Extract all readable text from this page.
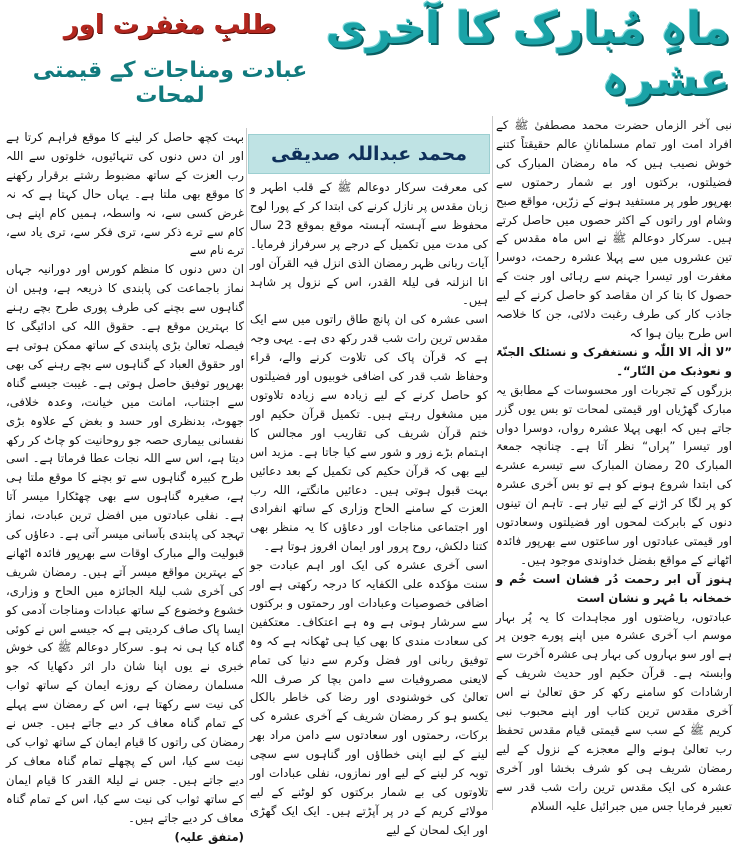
ماہِ مُبارک کا آخری عشرہ
طلبِ مغفرت اور
عبادت ومناجات کے قیمتی لمحات
محمد عبداللہ صدیقی

نبی آخر الزماں حضرت محمد مصطفیٰ ﷺ کے افراد امت اور تمام مسلمانانِ عالم حقیقتاً کتنے خوش نصیب ہیں کہ ماہ رمضان المبارک کی فضیلتوں، برکتوں اور بے شمار رحمتوں سے بھرپور طور پر مستفید ہونے کے زرّیں، مواقع صبح وشام اور راتوں کے اکثر حصوں میں حاصل کرتے ہیں۔ سرکار دوعالم ﷺ نے اس ماہ مقدس کے تین عشروں میں سے پہلا عشرہ رحمت، دوسرا مغفرت اور تیسرا جہنم سے رہائی اور جنت کے حصول کا بتا کر ان مقاصد کو حاصل کرنے کے لیے جاذب کار کی طرف رغبت دلائی، جن کا خلاصہ اس طرح بیان ہوا کہ

”لا الٰہ الا اللّٰہ و نستغفرک و نسئلک الجنّۃ و نعوذبک من النّار“۔

بزرگوں کے تجربات اور محسوسات کے مطابق یہ مبارک گھڑیاں اور قیمتی لمحات تو بس یوں گزر جاتے ہیں کہ ابھی پہلا عشرہ رواں، دوسرا دواں اور تیسرا ”پراں“ نظر آتا ہے۔ چنانچہ جمعۃ المبارک 20 رمضان المبارک سے تیسرے عشرے کی ابتدا شروع ہونے کو ہے تو بس آخری عشرہ کو پر لگا کر اڑنے کے لیے تیار ہے۔ تاہم ان تینوں دنوں کے بابرکت لمحوں اور فضیلتوں وسعادتوں اور قیمتی عبادتوں اور ساعتوں سے بھرپور فائدہ اٹھانے کے مواقع بفضل خداوندی موجود ہیں۔

ہنوز آں ابر رحمت دُر فشان است خُم و خمخانہ با مُہر و نشان است

عبادتوں، ریاضتوں اور مجاہدات کا یہ پُر بہار موسم اب آخری عشرہ میں اپنے پورے جوبن پر ہے اور سو بہاروں کی بہار ہی عشرہ آخرت سے وابستہ ہے۔ قرآن حکیم اور حدیث شریف کے ارشادات کو سامنے رکھ کر حق تعالیٰ نے اس آخری مقدس ترین کتاب اور اپنے محبوب نبی کریم ﷺ کے سب سے قیمتی قیام مقدس تحفظ رب تعالیٰ ہونے والے معجزے کے نزول کے لیے رمضان شریف ہی کو شرف بخشا اور آخری عشرہ کی ایک مقدس ترین رات شب قدر سے تعبیر فرمایا جس میں جبرائیل علیہ السلام

کی معرفت سرکار دوعالم ﷺ کے قلب اطہر و زبان مقدس پر نازل کرنے کی ابتدا کر کے پورا لوح محفوظ سے آہستہ آہستہ موقع بموقع 23 سال کی مدت میں تکمیل کے درجے پر سرفراز فرمایا۔ آیات ربانی ظہر رمضان الذی انزل فیہ القرآن اور انا انزلنہ فی لیلۃ القدر، اس کے نزول پر شاہد ہیں۔

اسی عشرہ کی ان پانچ طاق راتوں میں سے ایک مقدس ترین رات شب قدر رکھ دی ہے۔ یہی وجہ ہے کہ قرآن پاک کی تلاوت کرنے والے، قراء وحفاظ شب قدر کی اضافی خوبیوں اور فضیلتوں کو حاصل کرنے کے لیے زیادہ سے زیادہ تلاوتوں میں مشغول رہتے ہیں۔ تکمیل قرآن حکیم اور ختم قرآن شریف کی تقاریب اور مجالس کا اہتمام بڑے زور و شور سے کیا جاتا ہے۔ مزید اس لیے بھی کہ قرآن حکیم کی تکمیل کے بعد دعائیں بہت قبول ہوتی ہیں۔ دعائیں مانگتے، اللہ رب العزت کے سامنے الحاح وزاری کے ساتھ انفرادی اور اجتماعی مناجات اور دعاؤں کا یہ منظر بھی کتنا دلکش، روح پرور اور ایمان افروز ہوتا ہے۔

اسی آخری عشرہ کی ایک اور اہم عبادت جو سنت مؤکدہ علی الکفایہ کا درجہ رکھتی ہے اور اضافی خصوصیات وعبادات اور رحمتوں و برکتوں سے سرشار ہوتی ہے وہ ہے اعتکاف۔ معتکفین کی سعادت مندی کا بھی کیا ہی ٹھکانہ ہے کہ وہ توفیق ربانی اور فضل وکرم سے دنیا کی تمام لایعنی مصروفیات سے دامن بچا کر صرف اللہ تعالیٰ کی خوشنودی اور رضا کی خاطر بالکل یکسو ہو کر رمضان شریف کے آخری عشرہ کی برکات، رحمتوں اور سعادتوں سے دامن مراد بھر لینے کے لیے اپنی خطاؤں اور گناہوں سے سچی توبہ کر لینے کے لیے اور نمازوں، نفلی عبادات اور تلاوتوں کی بے شمار برکتوں کو لوٹنے کے لیے مولائے کریم کے در پر آپڑتے ہیں۔ ایک ایک گھڑی اور ایک لمحان کے لیے

بہت کچھ حاصل کر لینے کا موقع فراہم کرتا ہے اور ان دس دنوں کی تنہائیوں، خلوتوں سے اللہ رب العزت کے ساتھ مضبوط رشتے برقرار رکھنے کا موقع بھی ملتا ہے۔ یہاں حال کہتا ہے کہ نہ غرض کسی سے، نہ واسطہ، ہمیں کام اپنے ہی کام سے ترے ذکر سے، تری فکر سے، تری یاد سے، ترے نام سے

ان دس دنوں کا منظم کورس اور دورانیہ جہاں نماز باجماعت کی پابندی کا ذریعہ ہے، وہیں ان گناہوں سے بچنے کی طرف پوری طرح بچے رہنے کا بہترین موقع ہے۔ حقوق اللہ کی ادائیگی کا فیصلہ تعالیٰ بڑی پابندی کے ساتھ ممکن ہوتی ہے اور حقوق العباد کے گناہوں سے بچے رہنے کی بھی بھرپور توفیق حاصل ہوتی ہے۔ غیبت جیسے گناہ سے اجتناب، امانت میں خیانت، وعدہ خلافی، جھوٹ، بدنظری اور حسد و بغض کے علاوہ بڑی نفسانی بیماری حصہ جو روحانیت کو چاٹ کر رکھ دیتا ہے، اس سے اللہ نجات عطا فرماتا ہے۔ اسی طرح کبیرہ گناہوں سے تو بچنے کا موقع ملتا ہی ہے، صغیرہ گناہوں سے بھی چھٹکارا میسر آتا ہے۔ نفلی عبادتوں میں افضل ترین عبادت، نماز تہجد کی پابندی بآسانی میسر آتی ہے۔ دعاؤں کی قبولیت والے مبارک اوقات سے بھرپور فائدہ اٹھانے کے بہترین مواقع میسر آتے ہیں۔ رمضان شریف کی آخری شب لیلۃ الجائزہ میں الحاح و وزاری، خشوع وخضوع کے ساتھ عبادات ومناجات آدمی کو ایسا پاک صاف کردیتی ہے کہ جیسے اس نے کوئی گناہ کیا ہی نہ ہو۔ سرکار دوعالم ﷺ کی خوش خبری نے یوں اپنا شان دار اثر دکھایا کہ جو مسلمان رمضان کے روزے ایمان کے ساتھ ثواب کی نیت سے رکھتا ہے، اس کے رمضان سے پہلے کے تمام گناہ معاف کر دیے جاتے ہیں۔ جس نے رمضان کی راتوں کا قیام ایمان کے ساتھ ثواب کی نیت سے کیا، اس کے پچھلے تمام گناہ معاف کر دیے جاتے ہیں۔ جس نے لیلۃ القدر کا قیام ایمان کے ساتھ ثواب کی نیت سے کیا، اس کے تمام گناہ معاف کر دیے جاتے ہیں۔

(متفق علیہ)
